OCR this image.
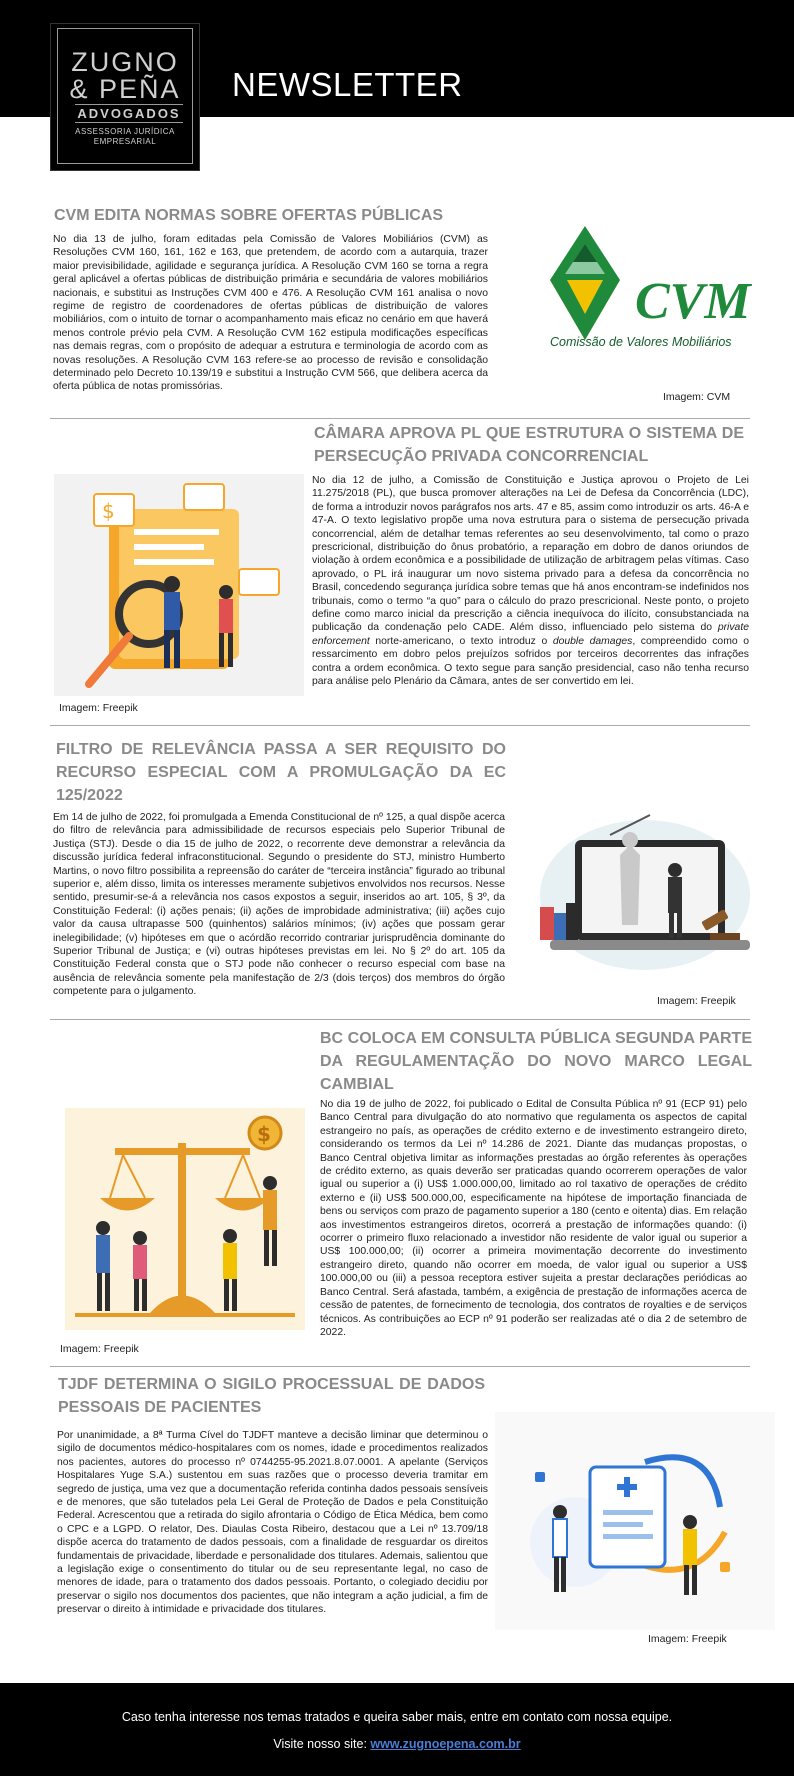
ZUGNO
& PEÑA
ADVOGADOS
ASSESSORIA JURÍDICA
EMPRESARIAL
NEWSLETTER
CVM EDITA NORMAS SOBRE OFERTAS PÚBLICAS
No dia 13 de julho, foram editadas pela Comissão de Valores Mobiliários (CVM) as Resoluções CVM 160, 161, 162 e 163, que pretendem, de acordo com a autarquia, trazer maior previsibilidade, agilidade e segurança jurídica. A Resolução CVM 160 se torna a regra geral aplicável a ofertas públicas de distribuição primária e secundária de valores mobiliários nacionais, e substitui as Instruções CVM 400 e 476. A Resolução CVM 161 analisa o novo regime de registro de coordenadores de ofertas públicas de distribuição de valores mobiliários, com o intuito de tornar o acompanhamento mais eficaz no cenário em que haverá menos controle prévio pela CVM. A Resolução CVM 162 estipula modificações específicas nas demais regras, com o propósito de adequar a estrutura e terminologia de acordo com as novas resoluções. A Resolução CVM 163 refere-se ao processo de revisão e consolidação determinado pelo Decreto 10.139/19 e substitui a Instrução CVM 566, que delibera acerca da oferta pública de notas promissórias.
CVM
Comissão de Valores Mobiliários
Imagem: CVM
CÂMARA APROVA PL QUE ESTRUTURA O SISTEMA DE PERSECUÇÃO PRIVADA CONCORRENCIAL
No dia 12 de julho, a Comissão de Constituição e Justiça aprovou o Projeto de Lei 11.275/2018 (PL), que busca promover alterações na Lei de Defesa da Concorrência (LDC), de forma a introduzir novos parágrafos nos arts. 47 e 85, assim como introduzir os arts. 46-A e 47-A. O texto legislativo propõe uma nova estrutura para o sistema de persecução privada concorrencial, além de detalhar temas referentes ao seu desenvolvimento, tal como o prazo prescricional, distribuição do ônus probatório, a reparação em dobro de danos oriundos de violação à ordem econômica e a possibilidade de utilização de arbitragem pelas vítimas. Caso aprovado, o PL irá inaugurar um novo sistema privado para a defesa da concorrência no Brasil, concedendo segurança jurídica sobre temas que há anos encontram-se indefinidos nos tribunais, como o termo “a quo” para o cálculo do prazo prescricional. Neste ponto, o projeto define como marco inicial da prescrição a ciência inequívoca do ilícito, consubstanciada na publicação da condenação pelo CADE. Além disso, influenciado pelo sistema do private enforcement norte-americano, o texto introduz o double damages, compreendido como o ressarcimento em dobro pelos prejuízos sofridos por terceiros decorrentes das infrações contra a ordem econômica. O texto segue para sanção presidencial, caso não tenha recurso para análise pelo Plenário da Câmara, antes de ser convertido em lei.
$
Imagem: Freepik
FILTRO DE RELEVÂNCIA PASSA A SER REQUISITO DO RECURSO ESPECIAL COM A PROMULGAÇÃO DA EC 125/2022
Em 14 de julho de 2022, foi promulgada a Emenda Constitucional de nº 125, a qual dispõe acerca do filtro de relevância para admissibilidade de recursos especiais pelo Superior Tribunal de Justiça (STJ). Desde o dia 15 de julho de 2022, o recorrente deve demonstrar a relevância da discussão jurídica federal infraconstitucional. Segundo o presidente do STJ, ministro Humberto Martins, o novo filtro possibilita a repreensão do caráter de “terceira instância” figurado ao tribunal superior e, além disso, limita os interesses meramente subjetivos envolvidos nos recursos. Nesse sentido, presumir-se-á a relevância nos casos expostos a seguir, inseridos ao art. 105, § 3º, da Constituição Federal: (i) ações penais; (ii) ações de improbidade administrativa; (iii) ações cujo valor da causa ultrapasse 500 (quinhentos) salários mínimos; (iv) ações que possam gerar inelegibilidade; (v) hipóteses em que o acórdão recorrido contrariar jurisprudência dominante do Superior Tribunal de Justiça; e (vi) outras hipóteses previstas em lei. No § 2º do art. 105 da Constituição Federal consta que o STJ pode não conhecer o recurso especial com base na ausência de relevância somente pela manifestação de 2/3 (dois terços) dos membros do órgão competente para o julgamento.
Imagem: Freepik
BC COLOCA EM CONSULTA PÚBLICA SEGUNDA PARTE DA REGULAMENTAÇÃO DO NOVO MARCO LEGAL CAMBIAL
No dia 19 de julho de 2022, foi publicado o Edital de Consulta Pública nº 91 (ECP 91) pelo Banco Central para divulgação do ato normativo que regulamenta os aspectos de capital estrangeiro no país, as operações de crédito externo e de investimento estrangeiro direto, considerando os termos da Lei nº 14.286 de 2021. Diante das mudanças propostas, o Banco Central objetiva limitar as informações prestadas ao órgão referentes às operações de crédito externo, as quais deverão ser praticadas quando ocorrerem operações de valor igual ou superior a (i) US$ 1.000.000,00, limitado ao rol taxativo de operações de crédito externo e (ii) US$ 500.000,00, especificamente na hipótese de importação financiada de bens ou serviços com prazo de pagamento superior a 180 (cento e oitenta) dias. Em relação aos investimentos estrangeiros diretos, ocorrerá a prestação de informações quando: (i) ocorrer o primeiro fluxo relacionado a investidor não residente de valor igual ou superior a US$ 100.000,00; (ii) ocorrer a primeira movimentação decorrente do investimento estrangeiro direto, quando não ocorrer em moeda, de valor igual ou superior a US$ 100.000,00 ou (iii) a pessoa receptora estiver sujeita a prestar declarações periódicas ao Banco Central. Será afastada, também, a exigência de prestação de informações acerca de cessão de patentes, de fornecimento de tecnologia, dos contratos de royalties e de serviços técnicos. As contribuições ao ECP nº 91 poderão ser realizadas até o dia 2 de setembro de 2022.
$
Imagem: Freepik
TJDF DETERMINA O SIGILO PROCESSUAL DE DADOS PESSOAIS DE PACIENTES
Por unanimidade, a 8ª Turma Cível do TJDFT manteve a decisão liminar que determinou o sigilo de documentos médico-hospitalares com os nomes, idade e procedimentos realizados nos pacientes, autores do processo nº 0744255-95.2021.8.07.0001. A apelante (Serviços Hospitalares Yuge S.A.) sustentou em suas razões que o processo deveria tramitar em segredo de justiça, uma vez que a documentação referida continha dados pessoais sensíveis e de menores, que são tutelados pela Lei Geral de Proteção de Dados e pela Constituição Federal. Acrescentou que a retirada do sigilo afrontaria o Código de Ética Médica, bem como o CPC e a LGPD. O relator, Des. Diaulas Costa Ribeiro, destacou que a Lei nº 13.709/18 dispõe acerca do tratamento de dados pessoais, com a finalidade de resguardar os direitos fundamentais de privacidade, liberdade e personalidade dos titulares. Ademais, salientou que a legislação exige o consentimento do titular ou de seu representante legal, no caso de menores de idade, para o tratamento dos dados pessoais. Portanto, o colegiado decidiu por preservar o sigilo nos documentos dos pacientes, que não integram a ação judicial, a fim de preservar o direito à intimidade e privacidade dos titulares.
Imagem: Freepik
Caso tenha interesse nos temas tratados e queira saber mais, entre em contato com nossa equipe.
Visite nosso site: www.zugnoepena.com.br
